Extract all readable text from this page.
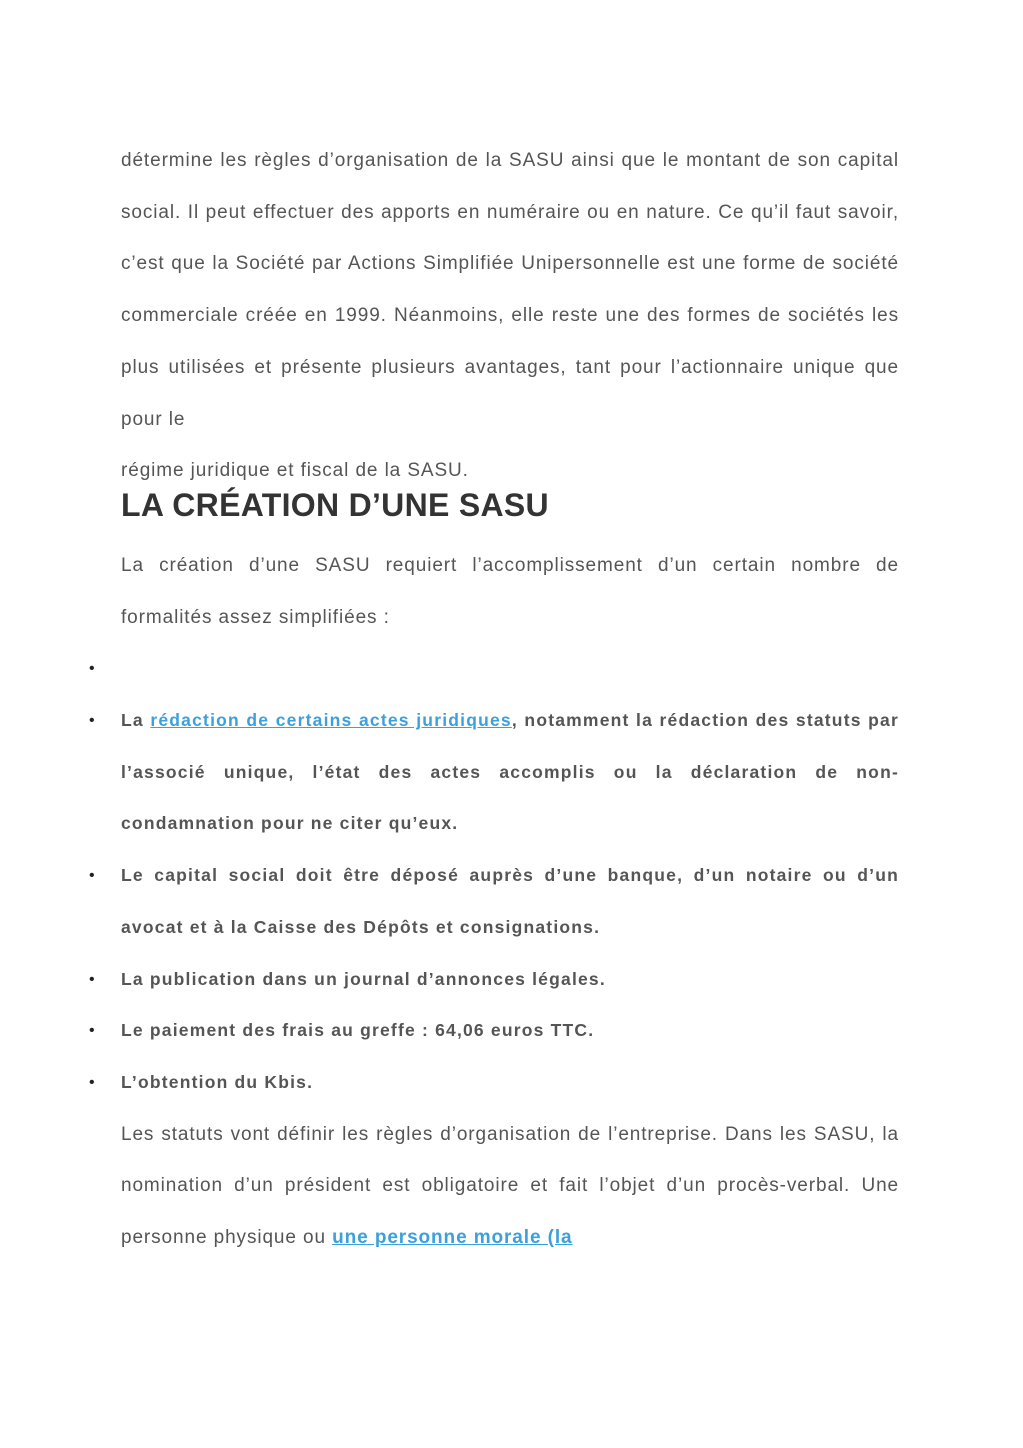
détermine les règles d’organisation de la SASU ainsi que le montant de son capital social. Il peut effectuer des apports en numéraire ou en nature. Ce qu’il faut savoir, c’est que la Société par Actions Simplifiée Unipersonnelle est une forme de société commerciale créée en 1999. Néanmoins, elle reste une des formes de sociétés les plus utilisées et présente plusieurs avantages, tant pour l’actionnaire unique que pour le
régime juridique et fiscal de la SASU.

LA CRÉATION D’UNE SASU

La création d’une SASU requiert l’accomplissement d’un certain nombre de formalités assez simplifiées :

•
• La rédaction de certains actes juridiques, notamment la rédaction des statuts par l’associé unique, l’état des actes accomplis ou la déclaration de non-condamnation pour ne citer qu’eux.
• Le capital social doit être déposé auprès d’une banque, d’un notaire ou d’un avocat et à la Caisse des Dépôts et consignations.
• La publication dans un journal d’annonces légales.
• Le paiement des frais au greffe : 64,06 euros TTC.
• L’obtention du Kbis.

Les statuts vont définir les règles d’organisation de l’entreprise. Dans les SASU, la nomination d’un président est obligatoire et fait l’objet d’un procès-verbal. Une personne physique ou une personne morale (la
